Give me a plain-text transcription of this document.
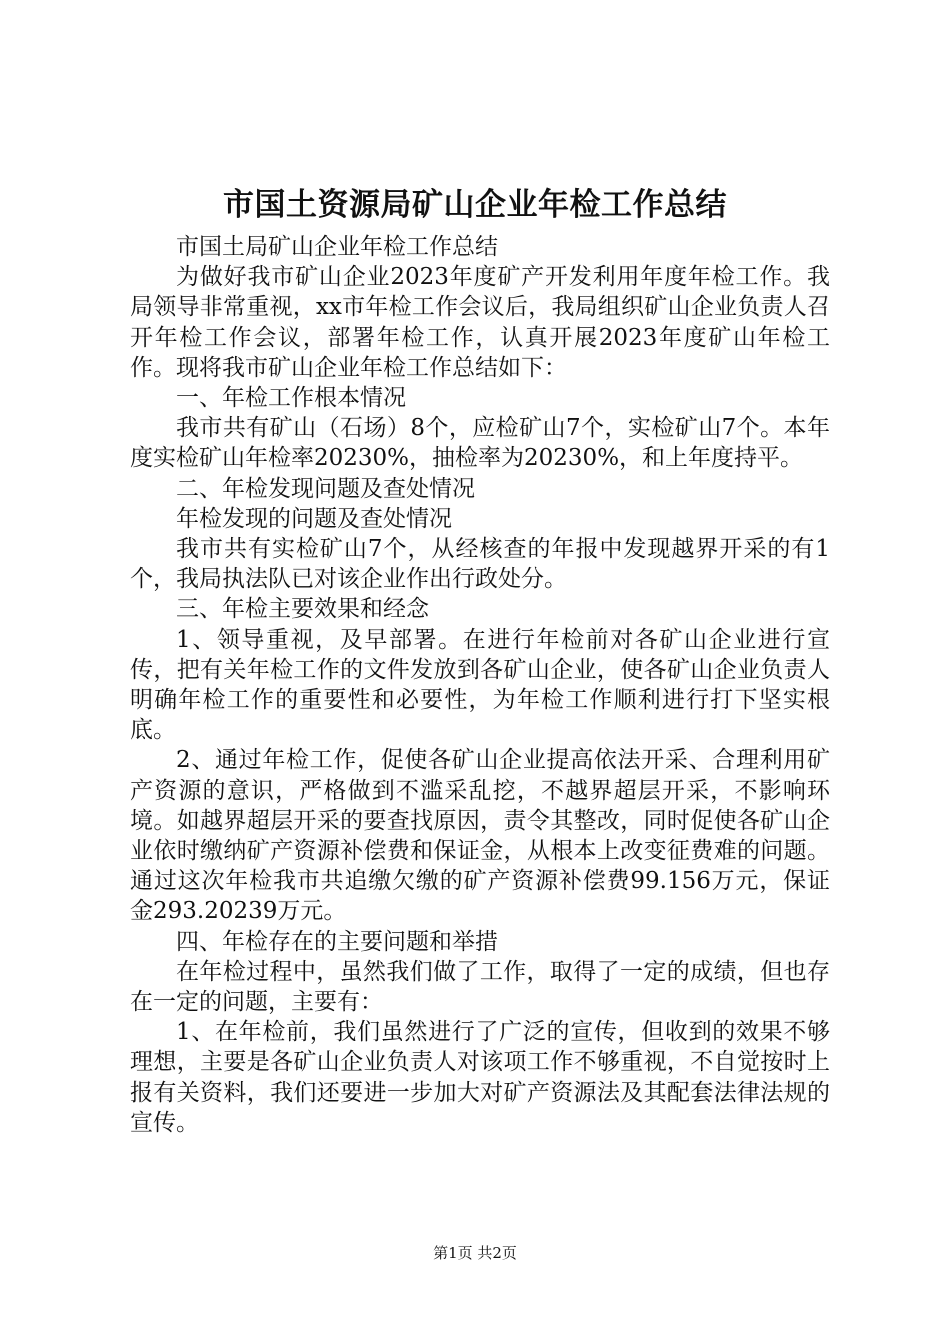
市国土资源局矿山企业年检工作总结

市国土局矿山企业年检工作总结

为做好我市矿山企业2023年度矿产开发利用年度年检工作。我局领导非常重视，xx市年检工作会议后，我局组织矿山企业负责人召开年检工作会议，部署年检工作，认真开展2023年度矿山年检工作。现将我市矿山企业年检工作总结如下：

一、年检工作根本情况

我市共有矿山（石场）8个，应检矿山7个，实检矿山7个。本年度实检矿山年检率20230%，抽检率为20230%，和上年度持平。

二、年检发现问题及查处情况

年检发现的问题及查处情况

我市共有实检矿山7个，从经核查的年报中发现越界开采的有1个，我局执法队已对该企业作出行政处分。

三、年检主要效果和经念

1、领导重视，及早部署。在进行年检前对各矿山企业进行宣传，把有关年检工作的文件发放到各矿山企业，使各矿山企业负责人明确年检工作的重要性和必要性，为年检工作顺利进行打下坚实根底。

2、通过年检工作，促使各矿山企业提高依法开采、合理利用矿产资源的意识，严格做到不滥采乱挖，不越界超层开采，不影响环境。如越界超层开采的要查找原因，责令其整改，同时促使各矿山企业依时缴纳矿产资源补偿费和保证金，从根本上改变征费难的问题。通过这次年检我市共追缴欠缴的矿产资源补偿费99.156万元，保证金293.20239万元。

四、年检存在的主要问题和举措

在年检过程中，虽然我们做了工作，取得了一定的成绩，但也存在一定的问题，主要有：

1、在年检前，我们虽然进行了广泛的宣传，但收到的效果不够理想，主要是各矿山企业负责人对该项工作不够重视，不自觉按时上报有关资料，我们还要进一步加大对矿产资源法及其配套法律法规的宣传。

第1页 共2页
